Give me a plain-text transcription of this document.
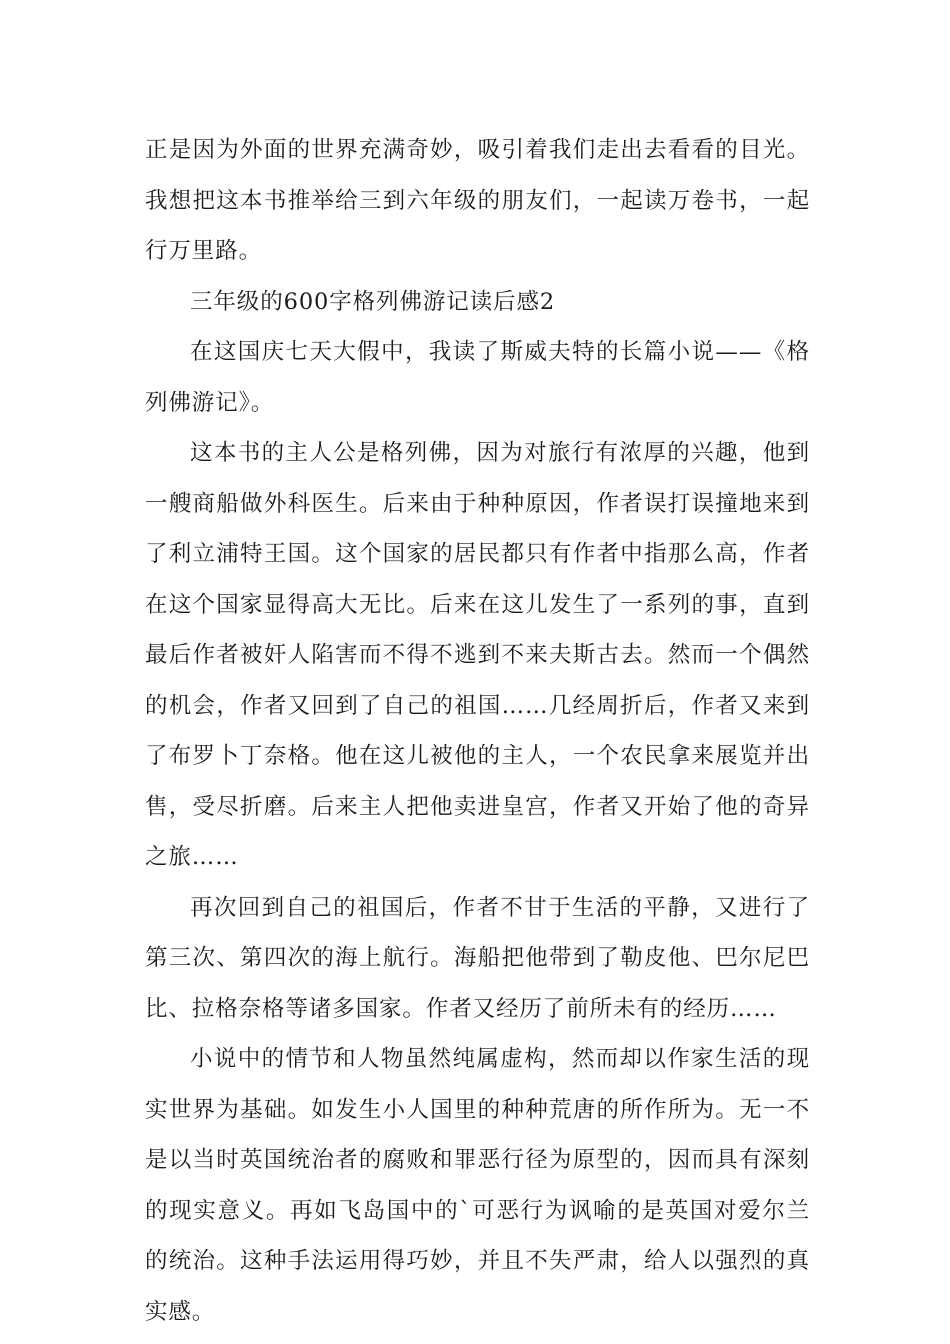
正是因为外面的世界充满奇妙，吸引着我们走出去看看的目光。我想把这本书推举给三到六年级的朋友们，一起读万卷书，一起行万里路。

三年级的600字格列佛游记读后感2

在这国庆七天大假中，我读了斯威夫特的长篇小说——《格列佛游记》。

这本书的主人公是格列佛，因为对旅行有浓厚的兴趣，他到一艘商船做外科医生。后来由于种种原因，作者误打误撞地来到了利立浦特王国。这个国家的居民都只有作者中指那么高，作者在这个国家显得高大无比。后来在这儿发生了一系列的事，直到最后作者被奸人陷害而不得不逃到不来夫斯古去。然而一个偶然的机会，作者又回到了自己的祖国……几经周折后，作者又来到了布罗卜丁奈格。他在这儿被他的主人，一个农民拿来展览并出售，受尽折磨。后来主人把他卖进皇宫，作者又开始了他的奇异之旅……

再次回到自己的祖国后，作者不甘于生活的平静，又进行了第三次、第四次的海上航行。海船把他带到了勒皮他、巴尔尼巴比、拉格奈格等诸多国家。作者又经历了前所未有的经历……

小说中的情节和人物虽然纯属虚构，然而却以作家生活的现实世界为基础。如发生小人国里的种种荒唐的所作所为。无一不是以当时英国统治者的腐败和罪恶行径为原型的，因而具有深刻的现实意义。再如飞岛国中的`可恶行为讽喻的是英国对爱尔兰的统治。这种手法运用得巧妙，并且不失严肃，给人以强烈的真实感。
